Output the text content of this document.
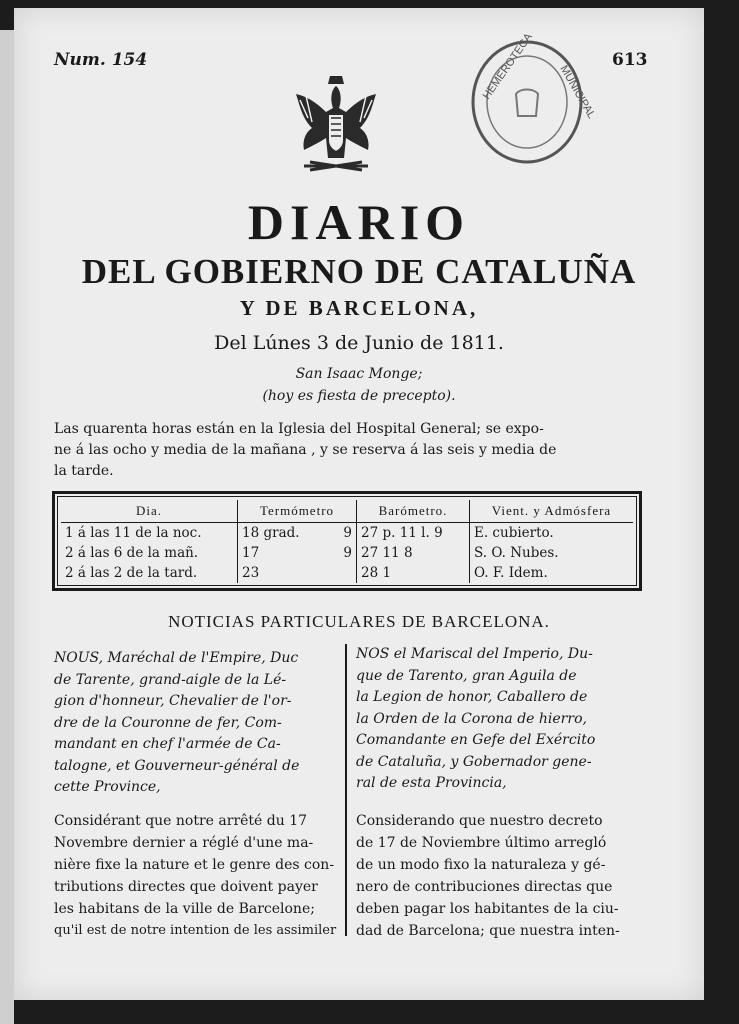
Num. 154	613
HEMEROTECA MUNICIPAL
DIARIO
DEL GOBIERNO DE CATALUÑA
Y DE BARCELONA,
Del Lúnes 3 de Junio de 1811.
San Isaac Monge;
(hoy es fiesta de precepto).
Las quarenta horas están en la Iglesia del Hospital General; se expo-
ne á las ocho y media de la mañana , y se reserva á las seis y media de
la tarde.
Dia.	Termómetro	Barómetro.	Vient. y Admósfera
1 á las 11 de la noc.	18 grad. 9	27 p. 11 l. 9	E. cubierto.
2 á las 6 de la mañ.	17 9	27 11 8	S. O. Nubes.
2 á las 2 de la tard.	23	28 1	O. F. Idem.
NOTICIAS PARTICULARES DE BARCELONA.
NOUS, Maréchal de l'Empire, Duc
de Tarente, grand-aigle de la Lé-
gion d'honneur, Chevalier de l'or-
dre de la Couronne de fer, Com-
mandant en chef l'armée de Ca-
talogne, et Gouverneur-général de
cette Province,
NOS el Mariscal del Imperio, Du-
que de Tarento, gran Aguila de
la Legion de honor, Caballero de
la Orden de la Corona de hierro,
Comandante en Gefe del Exército
de Cataluña, y Gobernador gene-
ral de esta Provincia,
Considérant que notre arrêté du 17
Novembre dernier a réglé d'une ma-
nière fixe la nature et le genre des con-
tributions directes que doivent payer
les habitans de la ville de Barcelone;
qu'il est de notre intention de les assimiler
Considerando que nuestro decreto
de 17 de Noviembre último arregló
de un modo fixo la naturaleza y gé-
nero de contribuciones directas que
deben pagar los habitantes de la ciu-
dad de Barcelona; que nuestra inten-
